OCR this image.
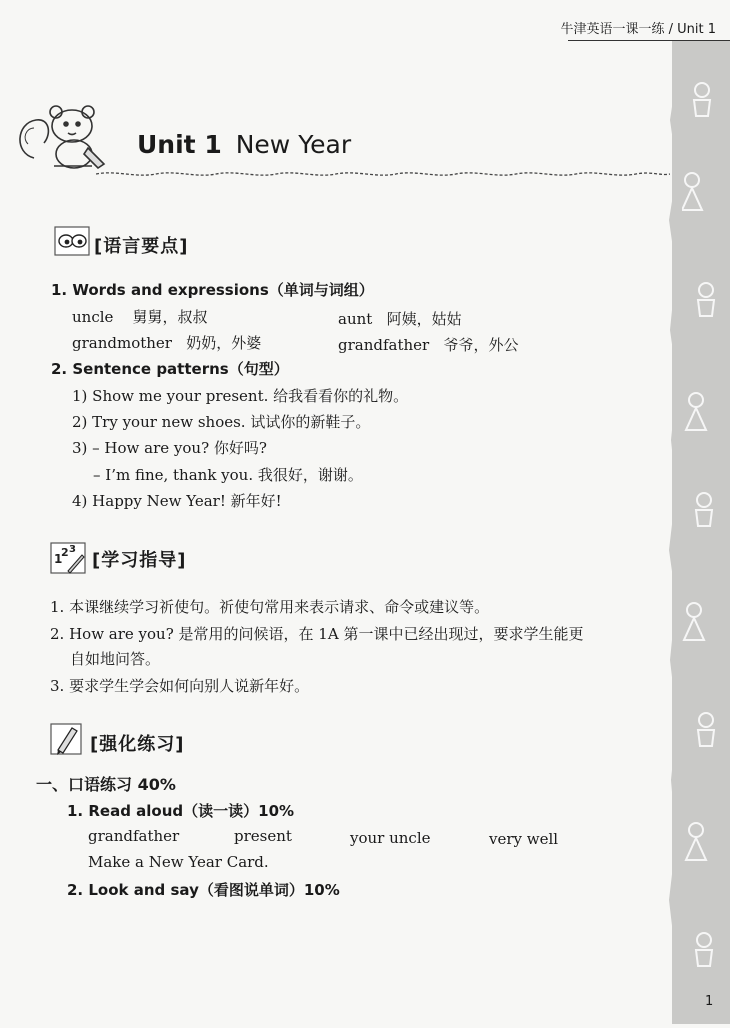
牛津英语一课一练 / Unit 1
Unit 1 New Year
[语言要点]
1. Words and expressions（单词与词组）
uncle 舅舅，叔叔	aunt 阿姨，姑姑
grandmother 奶奶，外婆	grandfather 爷爷，外公
2. Sentence patterns（句型）
1) Show me your present. 给我看看你的礼物。
2) Try your new shoes. 试试你的新鞋子。
3) – How are you? 你好吗?
– I’m fine, thank you. 我很好，谢谢。
4) Happy New Year! 新年好!
1
2 3
[学习指导]
1. 本课继续学习祈使句。祈使句常用来表示请求、命令或建议等。
2. How are you? 是常用的问候语，在 1A 第一课中已经出现过，要求学生能更
自如地问答。
3. 要求学生学会如何向别人说新年好。
[强化练习]
一、口语练习 40%
1. Read aloud（读一读）10%
grandfather	present	your uncle	very well
Make a New Year Card.
2. Look and say（看图说单词）10%
1
